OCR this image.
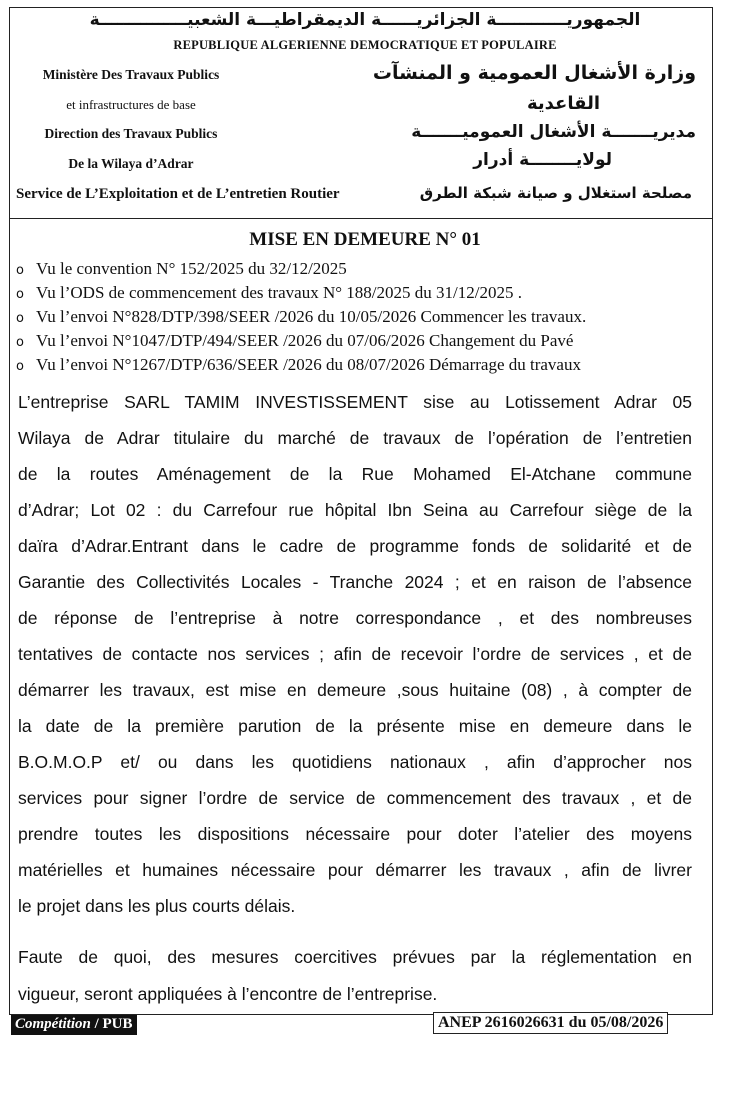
الجمهوريــــــــــــة الجزائريــــــة الديمقراطيـــة الشعبيـــــــــــــــة
REPUBLIQUE ALGERIENNE DEMOCRATIQUE ET POPULAIRE
Ministère Des Travaux Publics
et infrastructures de base
Direction des Travaux Publics
De la Wilaya d’Adrar
Service de L’Exploitation et de L’entretien Routier
وزارة الأشغال العمومية و المنشآت
القاعدية
مديريـــــــة الأشغال العموميـــــــة
لولايــــــــة أدرار
مصلحة استغلال و صيانة شبكة الطرق
MISE EN DEMEURE N° 01
o Vu le convention N° 152/2025 du 32/12/2025
o Vu l’ODS de commencement des travaux N° 188/2025 du 31/12/2025 .
o Vu l’envoi N°828/DTP/398/SEER /2026 du 10/05/2026 Commencer les travaux.
o Vu l’envoi N°1047/DTP/494/SEER /2026 du 07/06/2026 Changement du Pavé
o Vu l’envoi N°1267/DTP/636/SEER /2026 du 08/07/2026 Démarrage du travaux
L’entreprise SARL TAMIM INVESTISSEMENT sise au Lotissement Adrar 05
Wilaya de Adrar titulaire du marché de travaux de l’opération de l’entretien
de la routes Aménagement de la Rue Mohamed El-Atchane commune
d’Adrar; Lot 02 : du Carrefour rue hôpital Ibn Seina au Carrefour siège de la
daïra d’Adrar.Entrant dans le cadre de programme fonds de solidarité et de
Garantie des Collectivités Locales - Tranche 2024 ; et en raison de l’absence
de réponse de l’entreprise à notre correspondance , et des nombreuses
tentatives de contacte nos services ; afin de recevoir l’ordre de services , et de
démarrer les travaux, est mise en demeure ,sous huitaine (08) , à compter de
la date de la première parution de la présente mise en demeure dans le
B.O.M.O.P et/ ou dans les quotidiens nationaux , afin d’approcher nos
services pour signer l’ordre de service de commencement des travaux , et de
prendre toutes les dispositions nécessaire pour doter l’atelier des moyens
matérielles et humaines nécessaire pour démarrer les travaux , afin de livrer
le projet dans les plus courts délais.
Faute de quoi, des mesures coercitives prévues par la réglementation en
vigueur, seront appliquées à l’encontre de l’entreprise.
Compétition / PUB	ANEP 2616026631 du 05/08/2026
